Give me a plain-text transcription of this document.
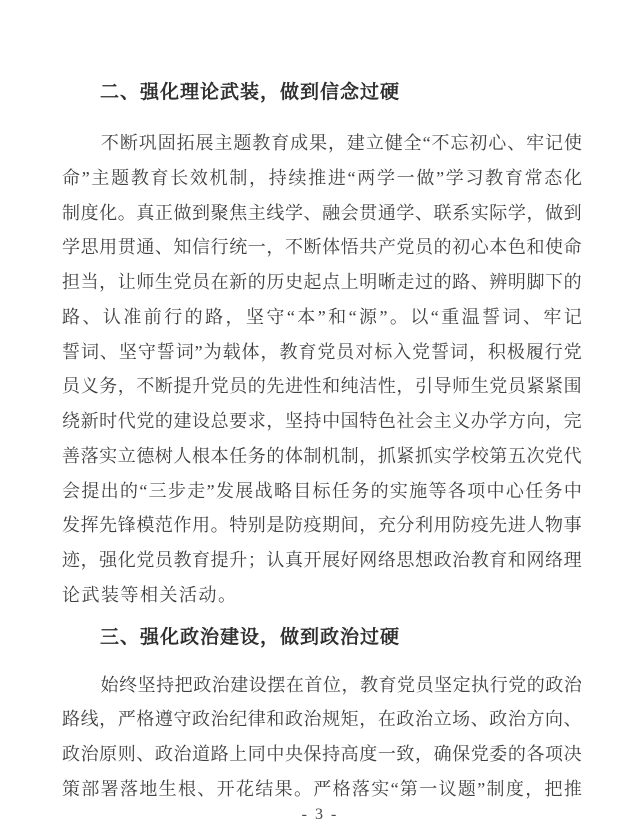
二、强化理论武装，做到信念过硬
不 断 巩 固 拓 展 主 题 教 育 成 果 ， 建 立 健 全 “ 不 忘 初 心 、 牢 记 使
命 ” 主 题 教 育 长 效 机 制 ， 持 续 推 进 “ 两 学 一 做 ” 学 习 教 育 常 态 化
制 度 化 。 真 正 做 到 聚 焦 主 线 学 、 融 会 贯 通 学 、 联 系 实 际 学 ， 做 到
学 思 用 贯 通 、 知 信 行 统 一 ， 不 断 体 悟 共 产 党 员 的 初 心 本 色 和 使 命
担 当 ， 让 师 生 党 员 在 新 的 历 史 起 点 上 明 晰 走 过 的 路 、 辨 明 脚 下 的
路 、 认 准 前 行 的 路 ， 坚 守 “ 本 ” 和 “ 源 ” 。 以 “ 重 温 誓 词 、 牢 记
誓 词 、 坚 守 誓 词 ” 为 载 体 ， 教 育 党 员 对 标 入 党 誓 词 ， 积 极 履 行 党
员 义 务 ， 不 断 提 升 党 员 的 先 进 性 和 纯 洁 性 ， 引 导 师 生 党 员 紧 紧 围
绕 新 时 代 党 的 建 设 总 要 求 ， 坚 持 中 国 特 色 社 会 主 义 办 学 方 向 ， 完
善 落 实 立 德 树 人 根 本 任 务 的 体 制 机 制 ， 抓 紧 抓 实 学 校 第 五 次 党 代
会 提 出 的 “ 三 步 走 ” 发 展 战 略 目 标 任 务 的 实 施 等 各 项 中 心 任 务 中
发 挥 先 锋 模 范 作 用 。 特 别 是 防 疫 期 间 ， 充 分 利 用 防 疫 先 进 人 物 事
迹 ， 强 化 党 员 教 育 提 升 ； 认 真 开 展 好 网 络 思 想 政 治 教 育 和 网 络 理
论武装等相关活动。
三、强化政治建设，做到政治过硬
始 终 坚 持 把 政 治 建 设 摆 在 首 位 ， 教 育 党 员 坚 定 执 行 党 的 政 治
路 线 ， 严 格 遵 守 政 治 纪 律 和 政 治 规 矩 ， 在 政 治 立 场 、 政 治 方 向 、
政 治 原 则 、 政 治 道 路 上 同 中 央 保 持 高 度 一 致 ， 确 保 党 委 的 各 项 决
策 部 署 落 地 生 根 、 开 花 结 果 。 严 格 落 实 “ 第 一 议 题 ” 制 度 ， 把 推
- 3 -
